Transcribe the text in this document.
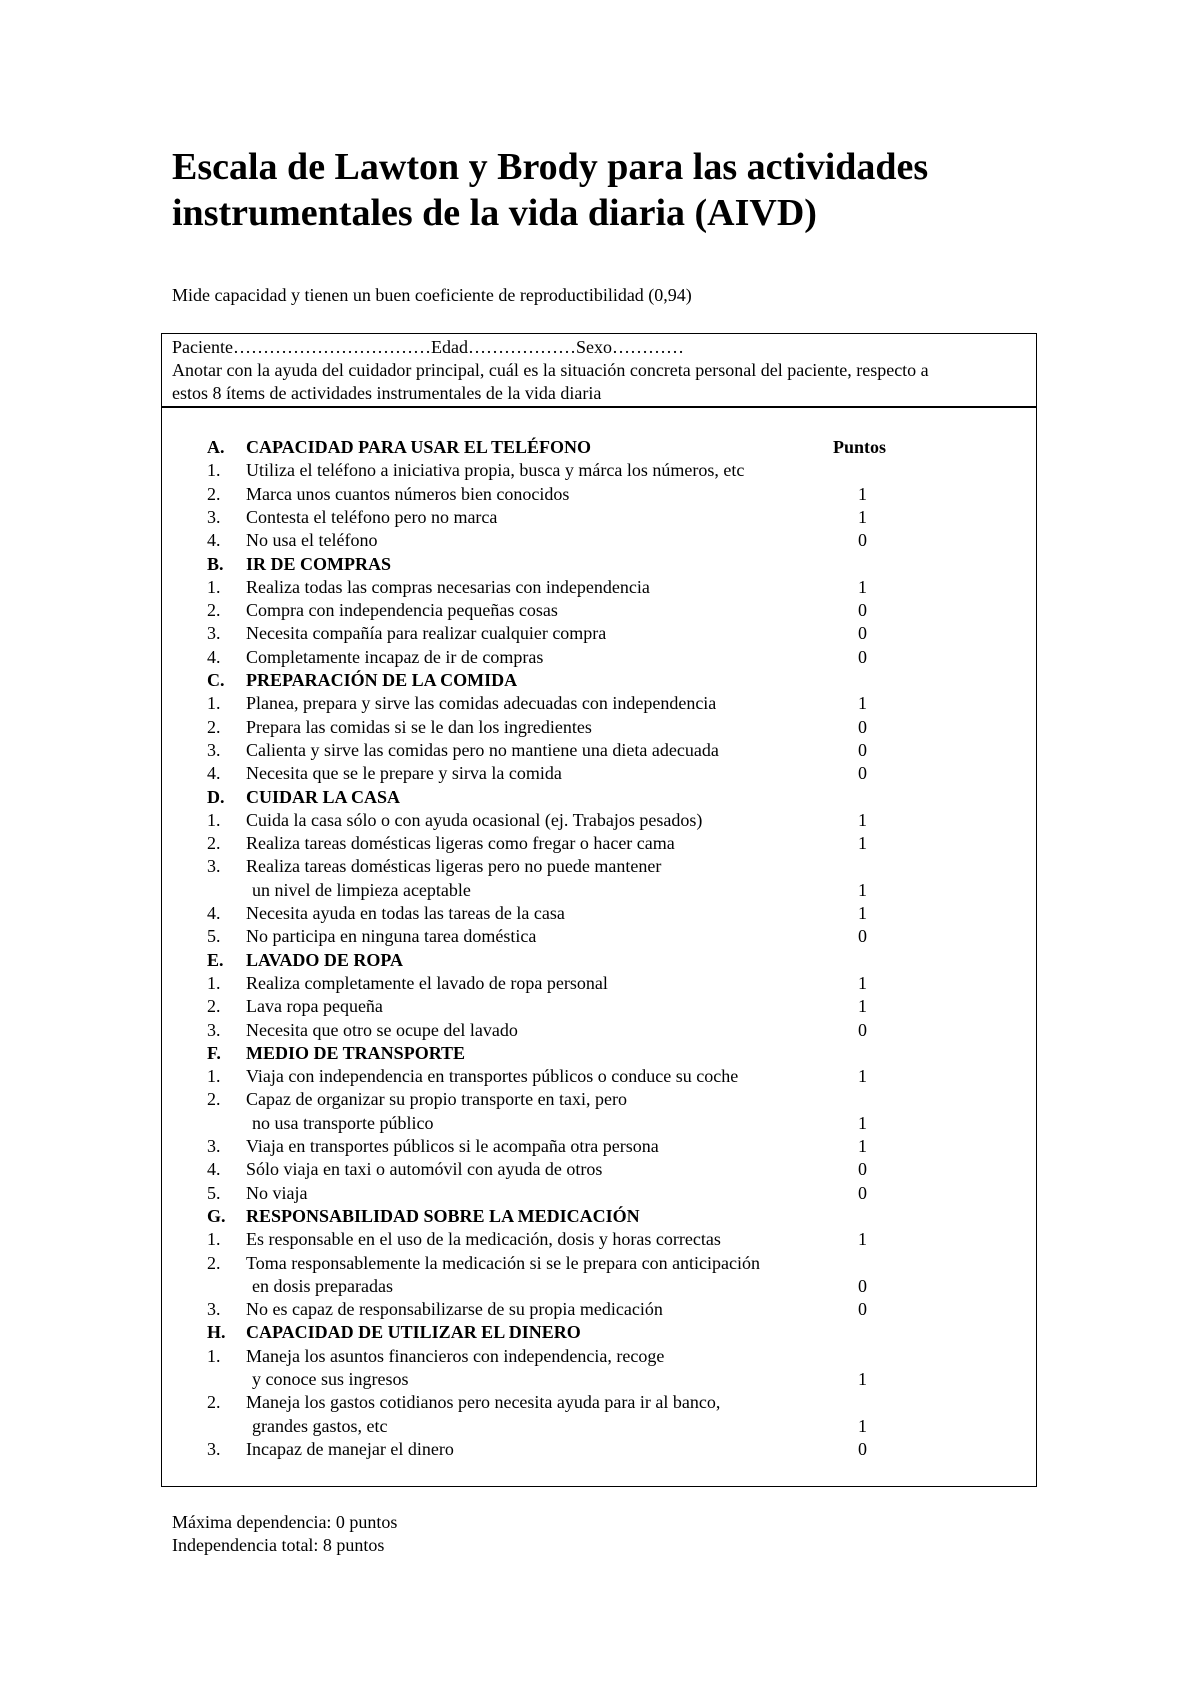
Escala de Lawton y Brody para las actividades
instrumentales de la vida diaria (AIVD)
Mide capacidad y tienen un buen coeficiente de reproductibilidad (0,94)
Paciente……………………………Edad………………Sexo…………
Anotar con la ayuda del cuidador principal, cuál es la situación concreta personal del paciente, respecto a
estos 8 ítems de actividades instrumentales de la vida diaria
A.	CAPACIDAD PARA USAR EL TELÉFONO	Puntos
1.	Utiliza el teléfono a iniciativa propia, busca y márca los números, etc
2.	Marca unos cuantos números bien conocidos	1
3.	Contesta el teléfono pero no marca	1
4.	No usa el teléfono	0
B.	IR DE COMPRAS
1.	Realiza todas las compras necesarias con independencia	1
2.	Compra con independencia pequeñas cosas	0
3.	Necesita compañía para realizar cualquier compra	0
4.	Completamente incapaz de ir de compras	0
C.	PREPARACIÓN DE LA COMIDA
1.	Planea, prepara y sirve las comidas adecuadas con independencia	1
2.	Prepara las comidas si se le dan los ingredientes	0
3.	Calienta y sirve las comidas pero no mantiene una dieta adecuada	0
4.	Necesita que se le prepare y sirva la comida	0
D.	CUIDAR LA CASA
1.	Cuida la casa sólo o con ayuda ocasional (ej. Trabajos pesados)	1
2.	Realiza tareas domésticas ligeras como fregar o hacer cama	1
3.	Realiza tareas domésticas ligeras pero no puede mantener
un nivel de limpieza aceptable	1
4.	Necesita ayuda en todas las tareas de la casa	1
5.	No participa en ninguna tarea doméstica	0
E.	LAVADO DE ROPA
1.	Realiza completamente el lavado de ropa personal	1
2.	Lava ropa pequeña	1
3.	Necesita que otro se ocupe del lavado	0
F.	MEDIO DE TRANSPORTE
1.	Viaja con independencia en transportes públicos o conduce su coche	1
2.	Capaz de organizar su propio transporte en taxi, pero
no usa transporte público	1
3.	Viaja en transportes públicos si le acompaña otra persona	1
4.	Sólo viaja en taxi o automóvil con ayuda de otros	0
5.	No viaja	0
G.	RESPONSABILIDAD SOBRE LA MEDICACIÓN
1.	Es responsable en el uso de la medicación, dosis y horas correctas	1
2.	Toma responsablemente la medicación si se le prepara con anticipación
en dosis preparadas	0
3.	No es capaz de responsabilizarse de su propia medicación	0
H.	CAPACIDAD DE UTILIZAR EL DINERO
1.	Maneja los asuntos financieros con independencia, recoge
y conoce sus ingresos	1
2.	Maneja los gastos cotidianos pero necesita ayuda para ir al banco,
grandes gastos, etc	1
3.	Incapaz de manejar el dinero	0
Máxima dependencia: 0 puntos
Independencia total: 8 puntos
